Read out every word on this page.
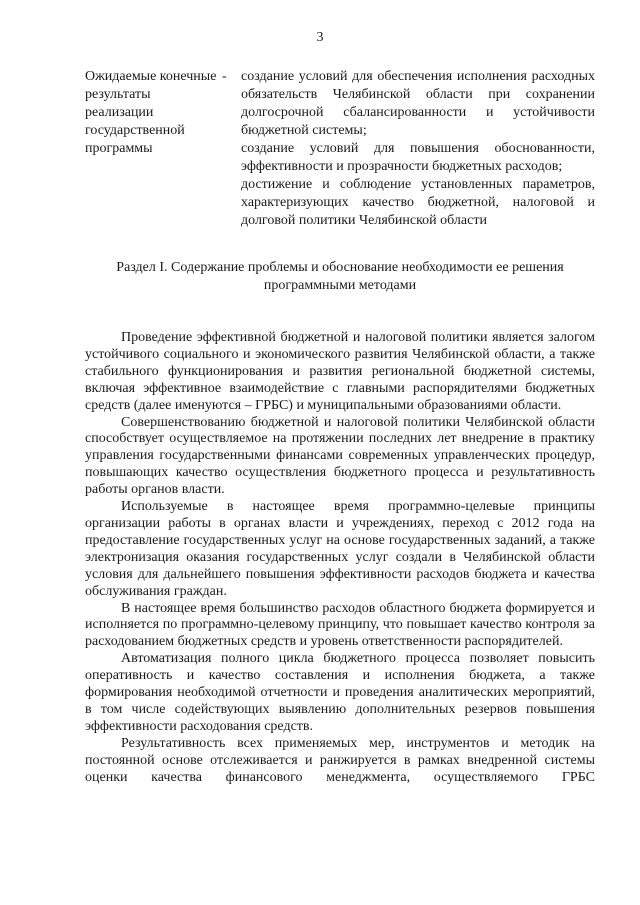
3
Ожидаемые конечные результаты реализации государственной программы
- создание условий для обеспечения исполнения расходных обязательств Челябинской области при сохранении долгосрочной сбалансированности и устойчивости бюджетной системы;

создание условий для повышения обоснованности, эффективности и прозрачности бюджетных расходов;

достижение и соблюдение установленных параметров, характеризующих качество бюджетной, налоговой и долговой политики Челябинской области

Раздел I. Содержание проблемы и обоснование необходимости ее решения программными методами

Проведение эффективной бюджетной и налоговой политики является залогом устойчивого социального и экономического развития Челябинской области, а также стабильного функционирования и развития региональной бюджетной системы, включая эффективное взаимодействие с главными распорядителями бюджетных средств (далее именуются – ГРБС) и муниципальными образованиями области.

Совершенствованию бюджетной и налоговой политики Челябинской области способствует осуществляемое на протяжении последних лет внедрение в практику управления государственными финансами современных управленческих процедур, повышающих качество осуществления бюджетного процесса и результативность работы органов власти.

Используемые в настоящее время программно-целевые принципы организации работы в органах власти и учреждениях, переход с 2012 года на предоставление государственных услуг на основе государственных заданий, а также электронизация оказания государственных услуг создали в Челябинской области условия для дальнейшего повышения эффективности расходов бюджета и качества обслуживания граждан.

В настоящее время большинство расходов областного бюджета формируется и исполняется по программно-целевому принципу, что повышает качество контроля за расходованием бюджетных средств и уровень ответственности распорядителей.

Автоматизация полного цикла бюджетного процесса позволяет повысить оперативность и качество составления и исполнения бюджета, а также формирования необходимой отчетности и проведения аналитических мероприятий, в том числе содействующих выявлению дополнительных резервов повышения эффективности расходования средств.

Результативность всех применяемых мер, инструментов и методик на постоянной основе отслеживается и ранжируется в рамках внедренной системы оценки качества финансового менеджмента, осуществляемого ГРБС
